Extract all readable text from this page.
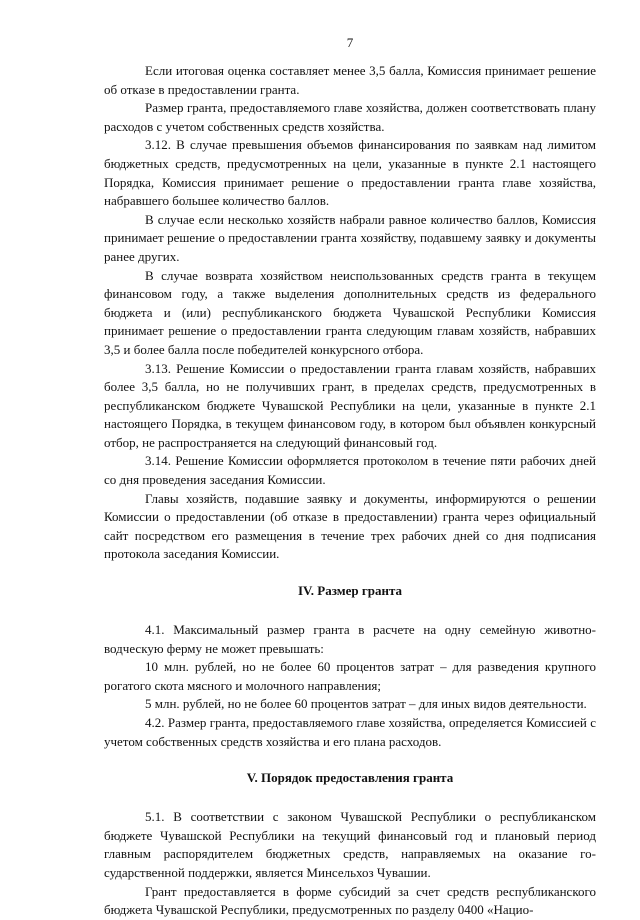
7

Если итоговая оценка составляет менее 3,5 балла, Комиссия принимает решение об отказе в предоставлении гранта.

Размер гранта, предоставляемого главе хозяйства, должен соответствовать плану расходов с учетом собственных средств хозяйства.

3.12. В случае превышения объемов финансирования по заявкам над лимитом бюджетных средств, предусмотренных на цели, указанные в пункте 2.1 настоящего Порядка, Комиссия принимает решение о предоставлении гранта главе хозяйства, набравшего большее количество баллов.

В случае если несколько хозяйств набрали равное количество баллов, Комиссия принимает решение о предоставлении гранта хозяйству, подавшему заявку и документы ранее других.

В случае возврата хозяйством неиспользованных средств гранта в текущем финансовом году, а также выделения дополнительных средств из федерального бюджета и (или) республиканского бюджета Чувашской Республики Комиссия принимает решение о предоставлении гранта следующим главам хозяйств, набравших 3,5 и более балла после победителей конкурсного отбора.

3.13. Решение Комиссии о предоставлении гранта главам хозяйств, набравших более 3,5 балла, но не получивших грант, в пределах средств, предусмотренных в республиканском бюджете Чувашской Республики на цели, указанные в пункте 2.1 настоящего Порядка, в текущем финансовом году, в котором был объявлен конкурсный отбор, не распространяется на следующий финансовый год.

3.14. Решение Комиссии оформляется протоколом в течение пяти рабочих дней со дня проведения заседания Комиссии.

Главы хозяйств, подавшие заявку и документы, информируются о решении Комиссии о предоставлении (об отказе в предоставлении) гранта через официальный сайт посредством его размещения в течение трех рабочих дней со дня подписания протокола заседания Комиссии.

IV. Размер гранта

4.1. Максимальный размер гранта в расчете на одну семейную животноводческую ферму не может превышать:

10 млн. рублей, но не более 60 процентов затрат – для разведения крупного рогатого скота мясного и молочного направления;

5 млн. рублей, но не более 60 процентов затрат – для иных видов деятельности.

4.2. Размер гранта, предоставляемого главе хозяйства, определяется Комиссией с учетом собственных средств хозяйства и его плана расходов.

V. Порядок предоставления гранта

5.1. В соответствии с законом Чувашской Республики о республиканском бюджете Чувашской Республики на текущий финансовый год и плановый период главным распорядителем бюджетных средств, направляемых на оказание государственной поддержки, является Минсельхоз Чувашии.

Грант предоставляется в форме субсидий за счет средств республиканского бюджета Чувашской Республики, предусмотренных по разделу 0400 «Нацио-
